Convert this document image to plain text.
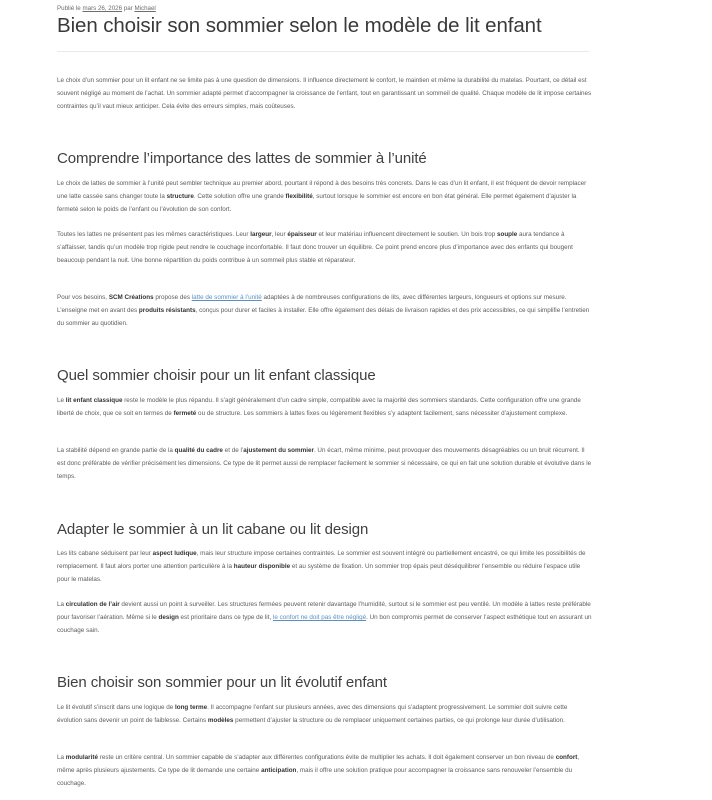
Publié le mars 26, 2026 par Michael
Bien choisir son sommier selon le modèle de lit enfant

Le choix d’un sommier pour un lit enfant ne se limite pas à une question de dimensions. Il influence directement le confort, le maintien et même la durabilité du matelas. Pourtant, ce détail est souvent négligé au moment de l’achat. Un sommier adapté permet d’accompagner la croissance de l’enfant, tout en garantissant un sommeil de qualité. Chaque modèle de lit impose certaines contraintes qu’il vaut mieux anticiper. Cela évite des erreurs simples, mais coûteuses.

Comprendre l’importance des lattes de sommier à l’unité

Le choix de lattes de sommier à l’unité peut sembler technique au premier abord, pourtant il répond à des besoins très concrets. Dans le cas d’un lit enfant, il est fréquent de devoir remplacer une latte cassée sans changer toute la structure. Cette solution offre une grande flexibilité, surtout lorsque le sommier est encore en bon état général. Elle permet également d’ajuster la fermeté selon le poids de l’enfant ou l’évolution de son confort.

Toutes les lattes ne présentent pas les mêmes caractéristiques. Leur largeur, leur épaisseur et leur matériau influencent directement le soutien. Un bois trop souple aura tendance à s’affaisser, tandis qu’un modèle trop rigide peut rendre le couchage inconfortable. Il faut donc trouver un équilibre. Ce point prend encore plus d’importance avec des enfants qui bougent beaucoup pendant la nuit. Une bonne répartition du poids contribue à un sommeil plus stable et réparateur.

Pour vos besoins, SCM Créations propose des latte de sommier à l’unité adaptées à de nombreuses configurations de lits, avec différentes largeurs, longueurs et options sur mesure. L’enseigne met en avant des produits résistants, conçus pour durer et faciles à installer. Elle offre également des délais de livraison rapides et des prix accessibles, ce qui simplifie l’entretien du sommier au quotidien.

Quel sommier choisir pour un lit enfant classique

Le lit enfant classique reste le modèle le plus répandu. Il s’agit généralement d’un cadre simple, compatible avec la majorité des sommiers standards. Cette configuration offre une grande liberté de choix, que ce soit en termes de fermeté ou de structure. Les sommiers à lattes fixes ou légèrement flexibles s’y adaptent facilement, sans nécessiter d’ajustement complexe.

La stabilité dépend en grande partie de la qualité du cadre et de l’ajustement du sommier. Un écart, même minime, peut provoquer des mouvements désagréables ou un bruit récurrent. Il est donc préférable de vérifier précisément les dimensions. Ce type de lit permet aussi de remplacer facilement le sommier si nécessaire, ce qui en fait une solution durable et évolutive dans le temps.

Adapter le sommier à un lit cabane ou lit design

Les lits cabane séduisent par leur aspect ludique, mais leur structure impose certaines contraintes. Le sommier est souvent intégré ou partiellement encastré, ce qui limite les possibilités de remplacement. Il faut alors porter une attention particulière à la hauteur disponible et au système de fixation. Un sommier trop épais peut déséquilibrer l’ensemble ou réduire l’espace utile pour le matelas.

La circulation de l’air devient aussi un point à surveiller. Les structures fermées peuvent retenir davantage l’humidité, surtout si le sommier est peu ventilé. Un modèle à lattes reste préférable pour favoriser l’aération. Même si le design est prioritaire dans ce type de lit, le confort ne doit pas être négligé. Un bon compromis permet de conserver l’aspect esthétique tout en assurant un couchage sain.

Bien choisir son sommier pour un lit évolutif enfant

Le lit évolutif s’inscrit dans une logique de long terme. Il accompagne l’enfant sur plusieurs années, avec des dimensions qui s’adaptent progressivement. Le sommier doit suivre cette évolution sans devenir un point de faiblesse. Certains modèles permettent d’ajuster la structure ou de remplacer uniquement certaines parties, ce qui prolonge leur durée d’utilisation.

La modularité reste un critère central. Un sommier capable de s’adapter aux différentes configurations évite de multiplier les achats. Il doit également conserver un bon niveau de confort, même après plusieurs ajustements. Ce type de lit demande une certaine anticipation, mais il offre une solution pratique pour accompagner la croissance sans renouveler l’ensemble du couchage.
